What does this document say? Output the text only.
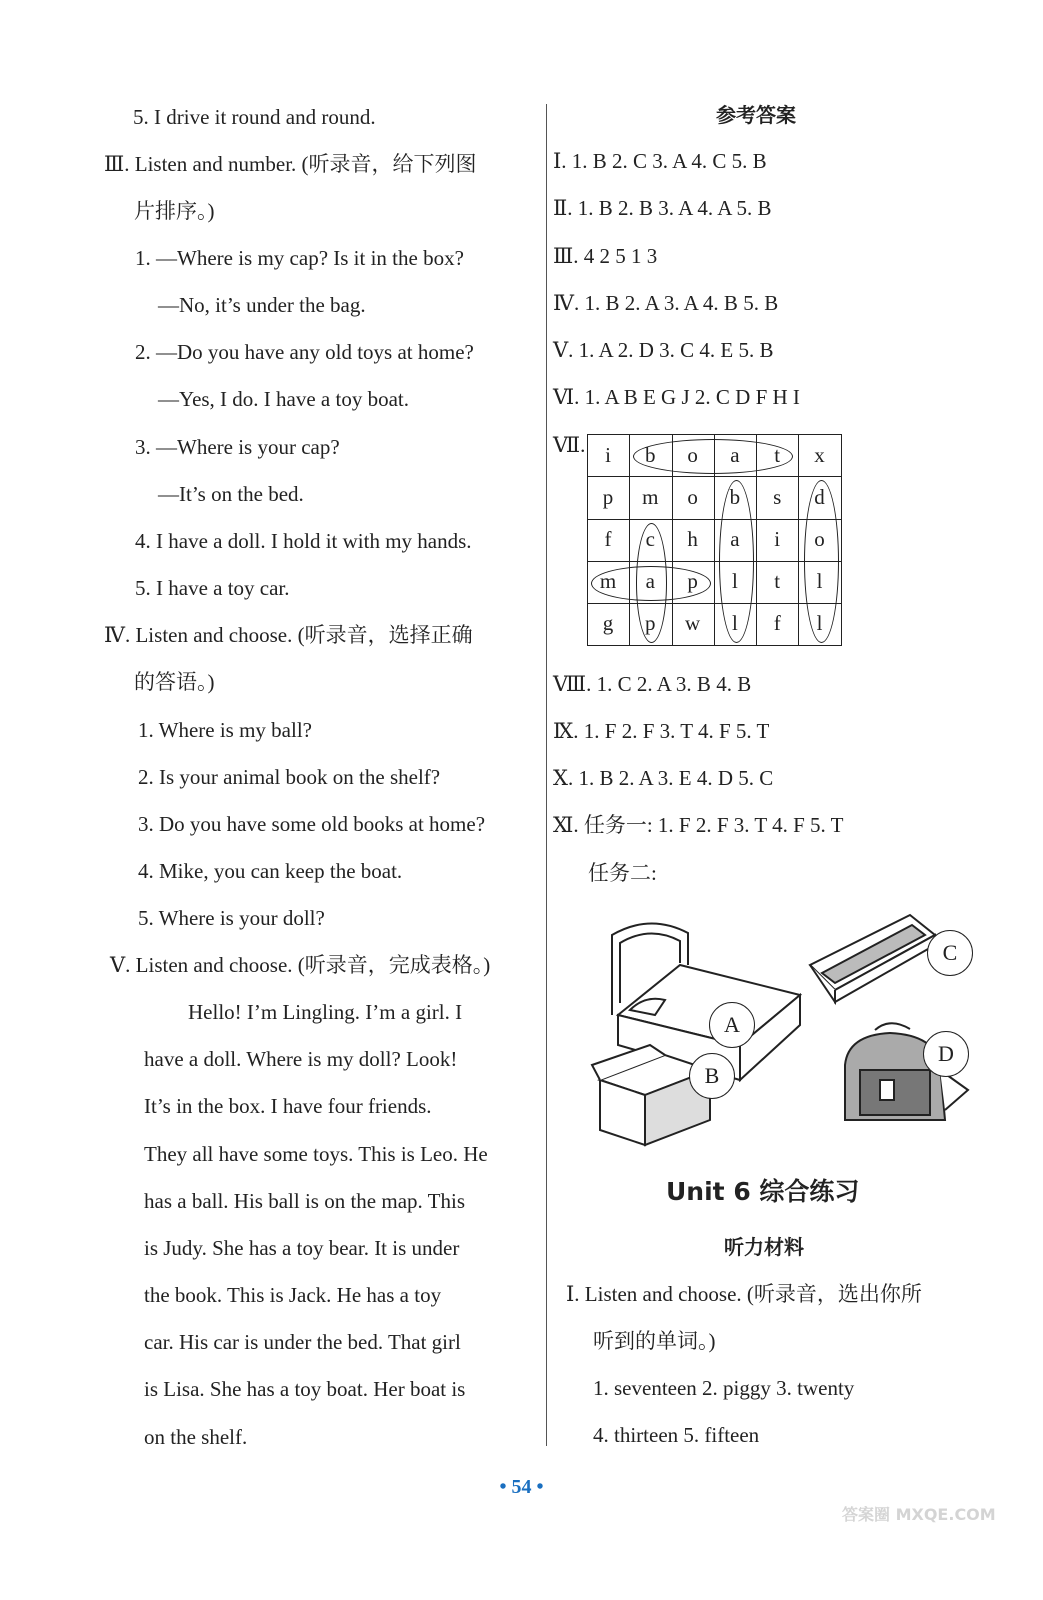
5. I drive it round and round.
Ⅲ. Listen and number. (听录音，给下列图
片排序。)
1. —Where is my cap? Is it in the box?
—No, it’s under the bag.
2. —Do you have any old toys at home?
—Yes, I do. I have a toy boat.
3. —Where is your cap?
—It’s on the bed.
4. I have a doll. I hold it with my hands.
5. I have a toy car.
Ⅳ. Listen and choose. (听录音，选择正确
的答语。)
1. Where is my ball?
2. Is your animal book on the shelf?
3. Do you have some old books at home?
4. Mike, you can keep the boat.
5. Where is your doll?
Ⅴ. Listen and choose. (听录音，完成表格。)
Hello! I’m Lingling. I’m a girl. I
have a doll. Where is my doll? Look!
It’s in the box. I have four friends.
They all have some toys. This is Leo. He
has a ball. His ball is on the map. This
is Judy. She has a toy bear. It is under
the book. This is Jack. He has a toy
car. His car is under the bed. That girl
is Lisa. She has a toy boat. Her boat is
on the shelf.
参考答案
Ⅰ. 1. B 2. C 3. A 4. C 5. B
Ⅱ. 1. B 2. B 3. A 4. A 5. B
Ⅲ. 4 2 5 1 3
Ⅳ. 1. B 2. A 3. A 4. B 5. B
Ⅴ. 1. A 2. D 3. C 4. E 5. B
Ⅵ. 1. A B E G J 2. C D F H I
Ⅶ. i	b	o	a	t	x
p	m	o	b	s	d
f	c	h	a	i	o
m	a	p	l	t	l
g	p	w	l	f	l
Ⅷ. 1. C 2. A 3. B 4. B
Ⅸ. 1. F 2. F 3. T 4. F 5. T
Ⅹ. 1. B 2. A 3. E 4. D 5. C
Ⅺ. 任务一: 1. F 2. F 3. T 4. F 5. T
任务二:
C
A
B
D
Unit 6 综合练习
听力材料
Ⅰ. Listen and choose. (听录音，选出你所
听到的单词。)
1. seventeen 2. piggy 3. twenty
4. thirteen 5. fifteen
• 54 •
答案圈 MXQE.COM
